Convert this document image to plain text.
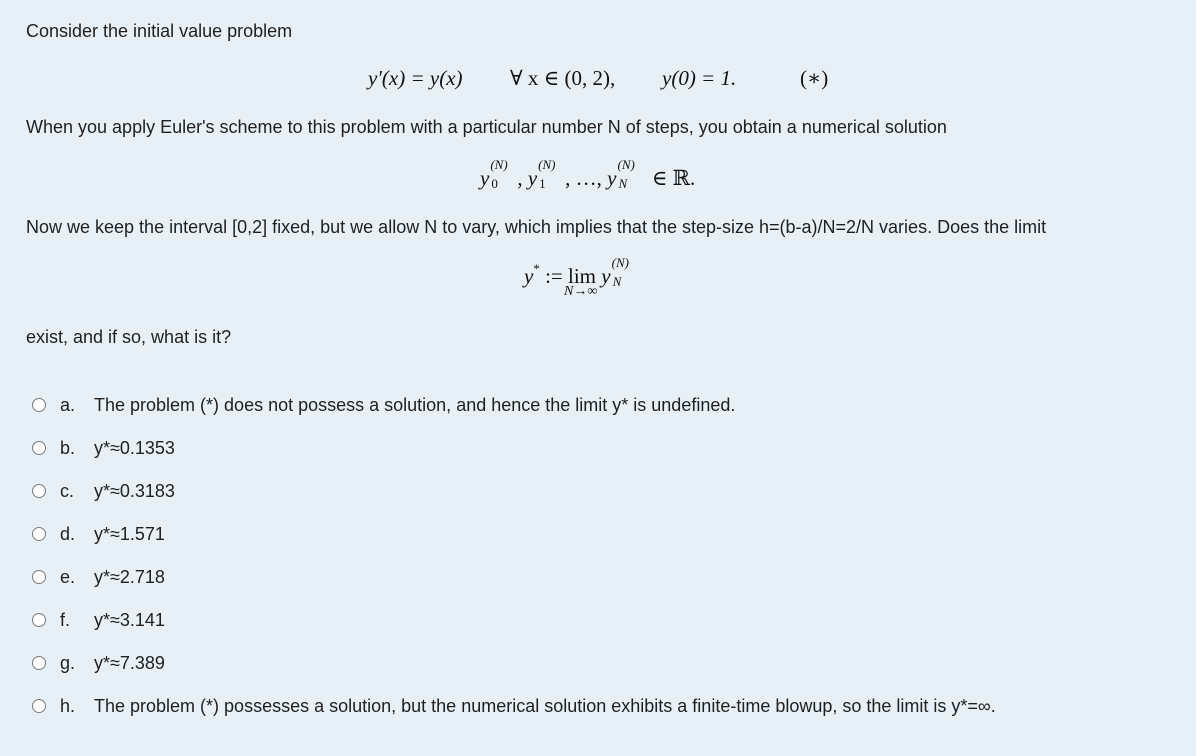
Consider the initial value problem
y′(x) = y(x) ∀ x ∈ (0, 2), y(0) = 1.	(∗)
When you apply Euler's scheme to this problem with a particular number N of steps, you obtain a numerical solution
y
(N)
0 , y
(N)
1 , …, y
(N)
N ∈ ℝ.
Now we keep the interval [0,2] fixed, but we allow N to vary, which implies that the step-size h=(b-a)/N=2/N varies. Does the limit
y* := lim
N→∞
y
(N)
N
exist, and if so, what is it?
a. The problem (*) does not possess a solution, and hence the limit y* is undefined.
b. y*≈0.1353
c. y*≈0.3183
d. y*≈1.571
e. y*≈2.718
f. y*≈3.141
g. y*≈7.389
h. The problem (*) possesses a solution, but the numerical solution exhibits a finite-time blowup, so the limit is y*=∞.
